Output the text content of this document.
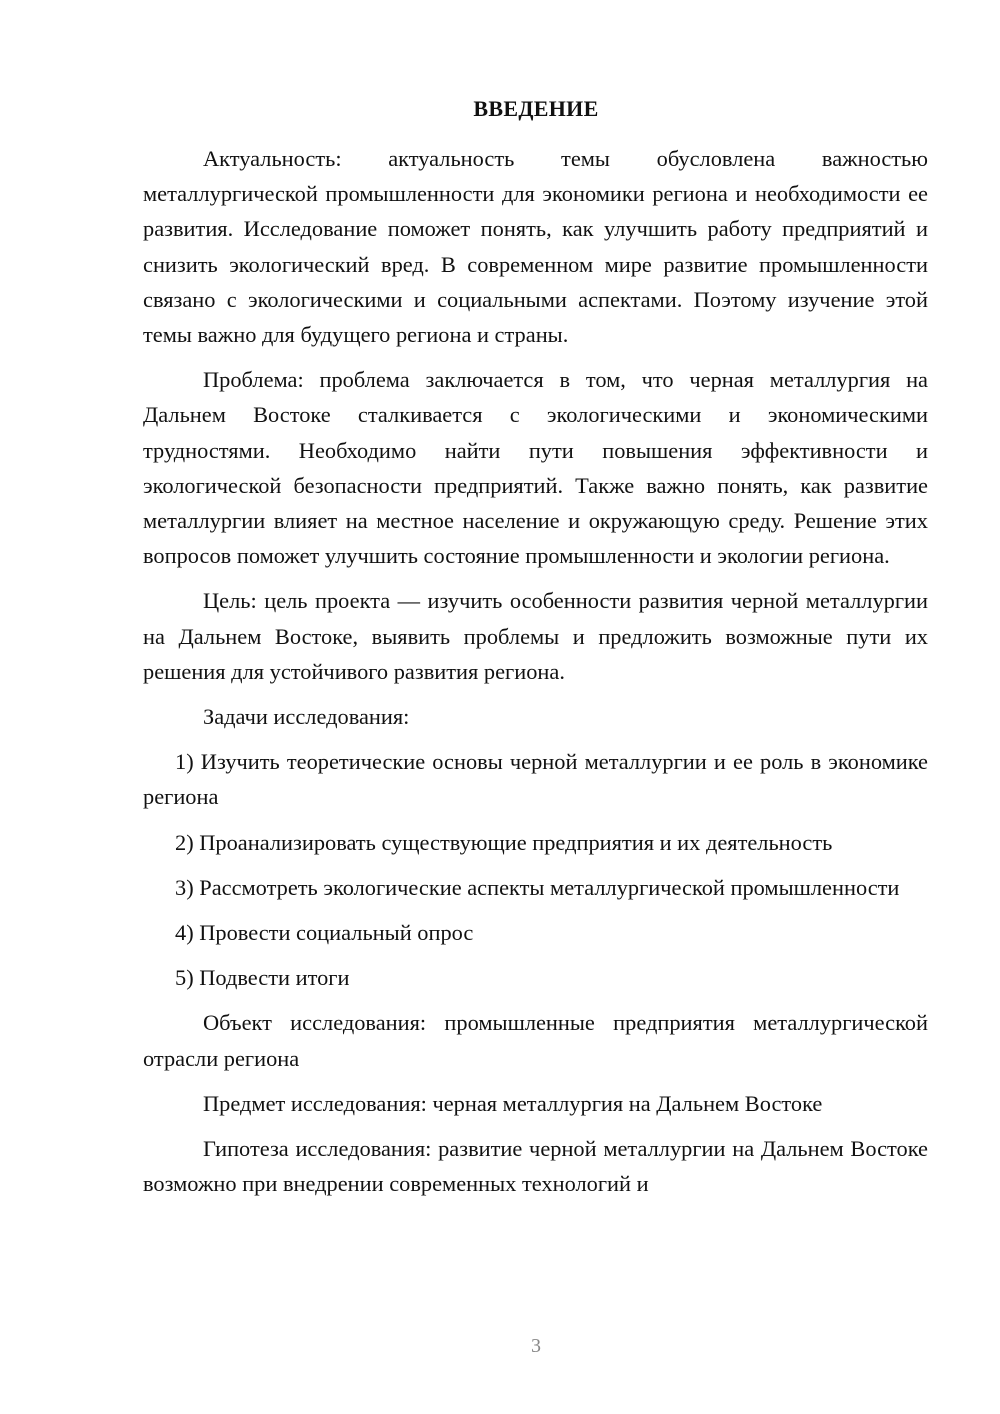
ВВЕДЕНИЕ

Актуальность: актуальность темы обусловлена важностью металлургической промышленности для экономики региона и необходимости ее развития. Исследование поможет понять, как улучшить работу предприятий и снизить экологический вред. В современном мире развитие промышленности связано с экологическими и социальными аспектами. Поэтому изучение этой темы важно для будущего региона и страны.

Проблема: проблема заключается в том, что черная металлургия на Дальнем Востоке сталкивается с экологическими и экономическими трудностями. Необходимо найти пути повышения эффективности и экологической безопасности предприятий. Также важно понять, как развитие металлургии влияет на местное население и окружающую среду. Решение этих вопросов поможет улучшить состояние промышленности и экологии региона.

Цель: цель проекта — изучить особенности развития черной металлургии на Дальнем Востоке, выявить проблемы и предложить возможные пути их решения для устойчивого развития региона.

Задачи исследования:

1) Изучить теоретические основы черной металлургии и ее роль в экономике региона

2) Проанализировать существующие предприятия и их деятельность

3) Рассмотреть экологические аспекты металлургической промышленности

4) Провести социальный опрос

5) Подвести итоги

Объект исследования: промышленные предприятия металлургической отрасли региона

Предмет исследования: черная металлургия на Дальнем Востоке

Гипотеза исследования: развитие черной металлургии на Дальнем Востоке возможно при внедрении современных технологий и

3
